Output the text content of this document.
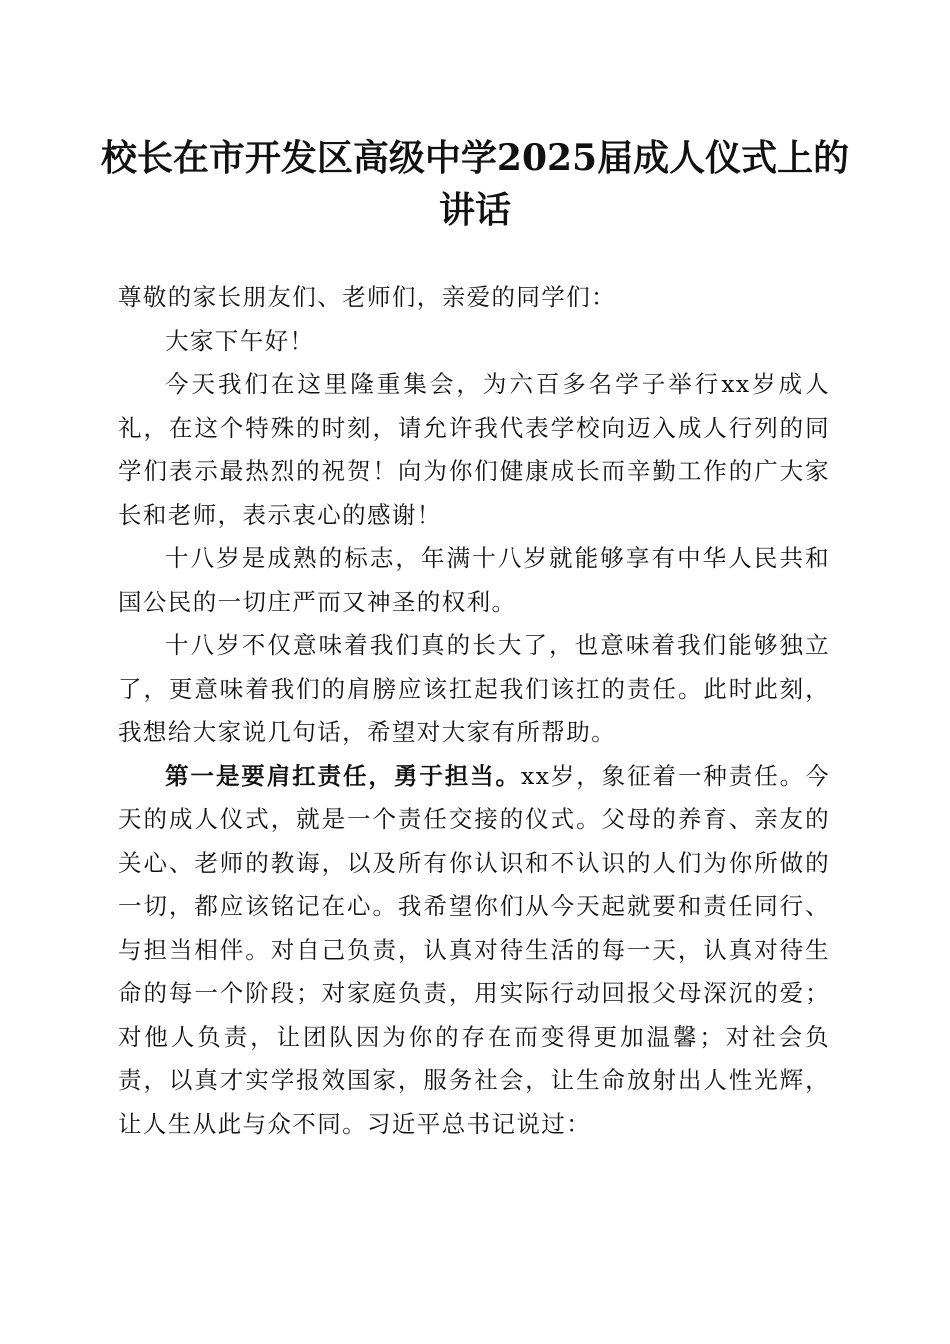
校长在市开发区高级中学2025届成人仪式上的讲话

尊敬的家长朋友们、老师们，亲爱的同学们：

大家下午好！

今天我们在这里隆重集会，为六百多名学子举行xx岁成人礼，在这个特殊的时刻，请允许我代表学校向迈入成人行列的同学们表示最热烈的祝贺！向为你们健康成长而辛勤工作的广大家长和老师，表示衷心的感谢！

十八岁是成熟的标志，年满十八岁就能够享有中华人民共和国公民的一切庄严而又神圣的权利。

十八岁不仅意味着我们真的长大了，也意味着我们能够独立了，更意味着我们的肩膀应该扛起我们该扛的责任。此时此刻，我想给大家说几句话，希望对大家有所帮助。

第一是要肩扛责任，勇于担当。xx岁，象征着一种责任。今天的成人仪式，就是一个责任交接的仪式。父母的养育、亲友的关心、老师的教诲，以及所有你认识和不认识的人们为你所做的一切，都应该铭记在心。我希望你们从今天起就要和责任同行、与担当相伴。对自己负责，认真对待生活的每一天，认真对待生命的每一个阶段；对家庭负责，用实际行动回报父母深沉的爱；对他人负责，让团队因为你的存在而变得更加温馨；对社会负责，以真才实学报效国家，服务社会，让生命放射出人性光辉，让人生从此与众不同。习近平总书记说过：
